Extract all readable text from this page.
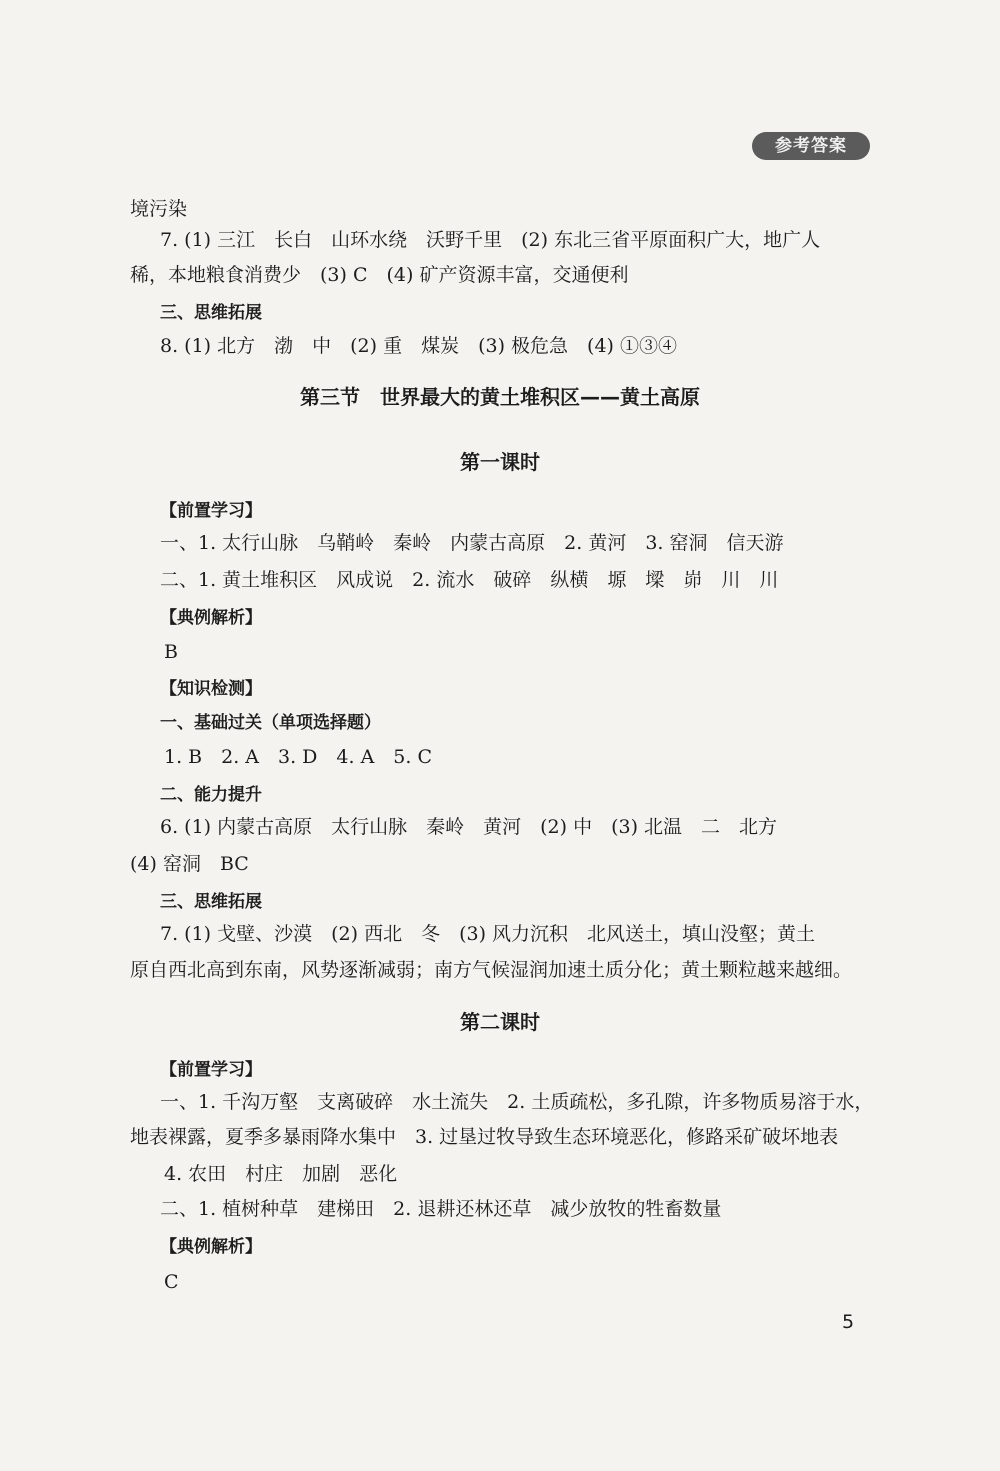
参考答案
境污染
7. (1) 三江　长白　山环水绕　沃野千里　(2) 东北三省平原面积广大，地广人
稀，本地粮食消费少　(3) C　(4) 矿产资源丰富，交通便利
三、思维拓展
8. (1) 北方　渤　中　(2) 重　煤炭　(3) 极危急　(4) ①③④
第三节　世界最大的黄土堆积区——黄土高原
第一课时
【前置学习】
一、1. 太行山脉　乌鞘岭　秦岭　内蒙古高原　2. 黄河　3. 窑洞　信天游
二、1. 黄土堆积区　风成说　2. 流水　破碎　纵横　塬　墚　峁　川　川
【典例解析】
B
【知识检测】
一、基础过关（单项选择题）
1. B　2. A　3. D　4. A　5. C
二、能力提升
6. (1) 内蒙古高原　太行山脉　秦岭　黄河　(2) 中　(3) 北温　二　北方
(4) 窑洞　BC
三、思维拓展
7. (1) 戈壁、沙漠　(2) 西北　冬　(3) 风力沉积　北风送土，填山没壑；黄土
原自西北高到东南，风势逐渐减弱；南方气候湿润加速土质分化；黄土颗粒越来越细。
第二课时
【前置学习】
一、1. 千沟万壑　支离破碎　水土流失　2. 土质疏松，多孔隙，许多物质易溶于水，
地表裸露，夏季多暴雨降水集中　3. 过垦过牧导致生态环境恶化，修路采矿破坏地表
4. 农田　村庄　加剧　恶化
二、1. 植树种草　建梯田　2. 退耕还林还草　减少放牧的牲畜数量
【典例解析】
C
5
